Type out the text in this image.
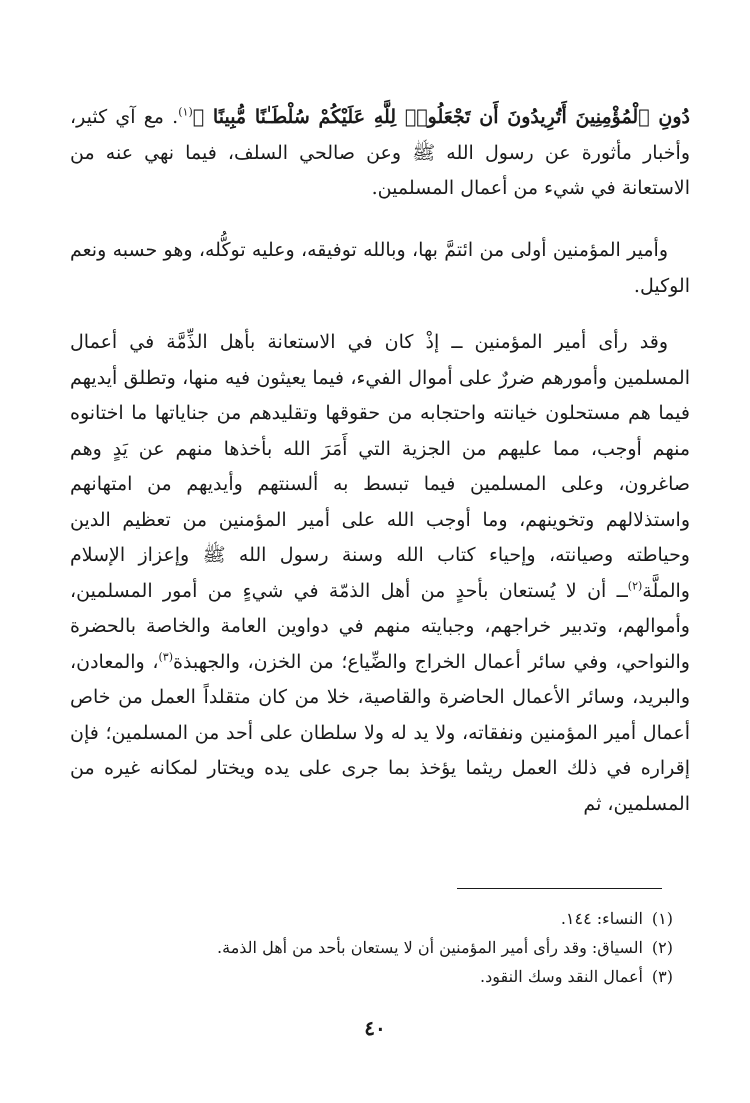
دُونِ ٱلْمُؤْمِنِينَ أَتُرِيدُونَ أَن تَجْعَلُوا۟ لِلَّهِ عَلَيْكُمْ سُلْطَـٰنًا مُّبِينًا ﴾$^{(١)}$. مع آي كثير، وأخبار مأثورة عن رسول الله ﷺ وعن صالحي السلف، فيما نهي عنه من الاستعانة في شيء من أعمال المسلمين.

وأمير المؤمنين أولى من ائتمَّ بها، وبالله توفيقه، وعليه توكُّله، وهو حسبه ونعم الوكيل.

وقد رأى أمير المؤمنين ــ إذْ كان في الاستعانة بأهل الذِّمَّة في أعمال المسلمين وأمورهم ضررٌ على أموال الفيء، فيما يعيثون فيه منها، وتطلق أيديهم فيما هم مستحلون خيانته واحتجابه من حقوقها وتقليدهم من جناياتها ما اختانوه منهم أوجب، مما عليهم من الجزية التي أَمَرَ الله بأخذها منهم عن يَدٍ وهم صاغرون، وعلى المسلمين فيما تبسط به ألسنتهم وأيديهم من امتهانهم واستذلالهم وتخوينهم، وما أوجب الله على أمير المؤمنين من تعظيم الدين وحياطته وصيانته، وإحياء كتاب الله وسنة رسول الله ﷺ وإعزاز الإسلام والملَّة$^{(٢)}$ــ أن لا يُستعان بأحدٍ من أهل الذمّة في شيءٍ من أمور المسلمين، وأموالهم، وتدبير خراجهم، وجبايته منهم في دواوين العامة والخاصة بالحضرة والنواحي، وفي سائر أعمال الخراج والضِّياع؛ من الخزن، والجهبذة$^{(٣)}$، والمعادن، والبريد، وسائر الأعمال الحاضرة والقاصية، خلا من كان متقلداً العمل من خاص أعمال أمير المؤمنين ونفقاته، ولا يد له ولا سلطان على أحد من المسلمين؛ فإن إقراره في ذلك العمل ريثما يؤخذ بما جرى على يده ويختار لمكانه غيره من المسلمين، ثم

(١)
النساء: ١٤٤.
(٢)
السياق: وقد رأى أمير المؤمنين أن لا يستعان بأحد من أهل الذمة.
(٣)
أعمال النقد وسك النقود.
٤٠
